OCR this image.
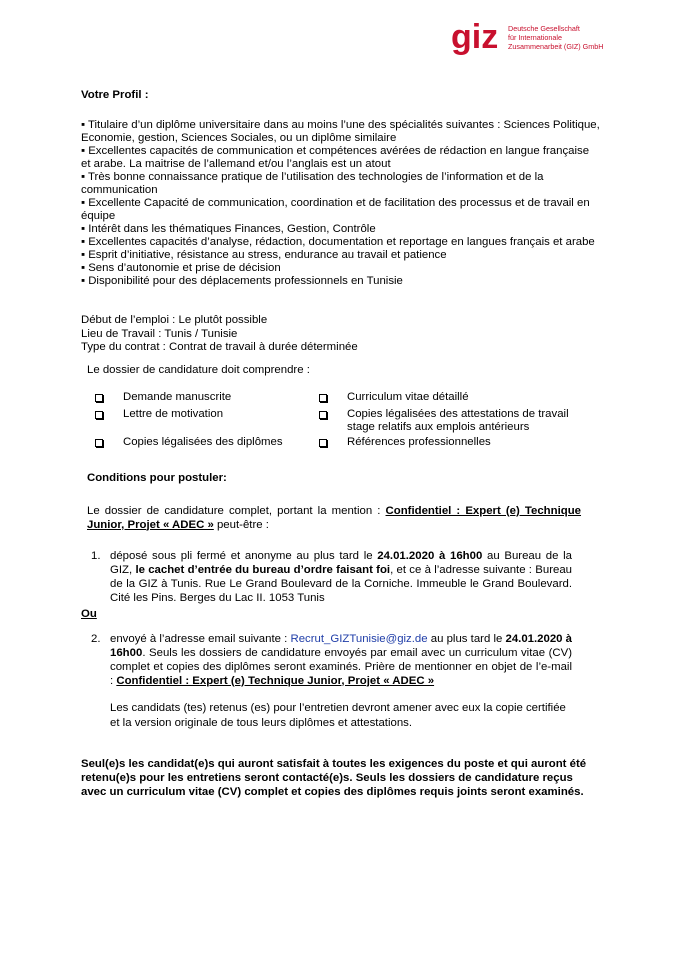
giz Deutsche Gesellschaft
für Internationale
Zusammenarbeit (GIZ) GmbH

Votre Profil :

▪ Titulaire d’un diplôme universitaire dans au moins l’une des spécialités suivantes : Sciences Politique, Economie, gestion, Sciences Sociales, ou un diplôme similaire
▪ Excellentes capacités de communication et compétences avérées de rédaction en langue française et arabe. La maitrise de l’allemand et/ou l’anglais est un atout
▪ Très bonne connaissance pratique de l’utilisation des technologies de l’information et de la communication
▪ Excellente Capacité de communication, coordination et de facilitation des processus et de travail en équipe
▪ Intérêt dans les thématiques Finances, Gestion, Contrôle
▪ Excellentes capacités d’analyse, rédaction, documentation et reportage en langues français et arabe
▪ Esprit d’initiative, résistance au stress, endurance au travail et patience
▪ Sens d’autonomie et prise de décision
▪ Disponibilité pour des déplacements professionnels en Tunisie
Début de l’emploi : Le plutôt possible
Lieu de Travail : Tunis / Tunisie
Type du contrat : Contrat de travail à durée déterminée
Le dossier de candidature doit comprendre :
Demande manuscrite	Curriculum vitae détaillé
Lettre de motivation	Copies légalisées des attestations de travail stage relatifs aux emplois antérieurs
Copies légalisées des diplômes	Références professionnelles
Conditions pour postuler:
Le dossier de candidature complet, portant la mention : Confidentiel : Expert (e) Technique Junior, Projet « ADEC » peut-être :
1. déposé sous pli fermé et anonyme au plus tard le 24.01.2020 à 16h00 au Bureau de la GIZ, le cachet d’entrée du bureau d’ordre faisant foi, et ce à l’adresse suivante : Bureau de la GIZ à Tunis. Rue Le Grand Boulevard de la Corniche. Immeuble le Grand Boulevard. Cité les Pins. Berges du Lac II. 1053 Tunis
Ou
2. envoyé à l’adresse email suivante : Recrut_GIZTunisie@giz.de au plus tard le 24.01.2020 à 16h00. Seuls les dossiers de candidature envoyés par email avec un curriculum vitae (CV) complet et copies des diplômes seront examinés. Prière de mentionner en objet de l’e-mail : Confidentiel : Expert (e) Technique Junior, Projet « ADEC »
Les candidats (tes) retenus (es) pour l’entretien devront amener avec eux la copie certifiée et la version originale de tous leurs diplômes et attestations.
Seul(e)s les candidat(e)s qui auront satisfait à toutes les exigences du poste et qui auront été retenu(e)s pour les entretiens seront contacté(e)s. Seuls les dossiers de candidature reçus avec un curriculum vitae (CV) complet et copies des diplômes requis joints seront examinés.
